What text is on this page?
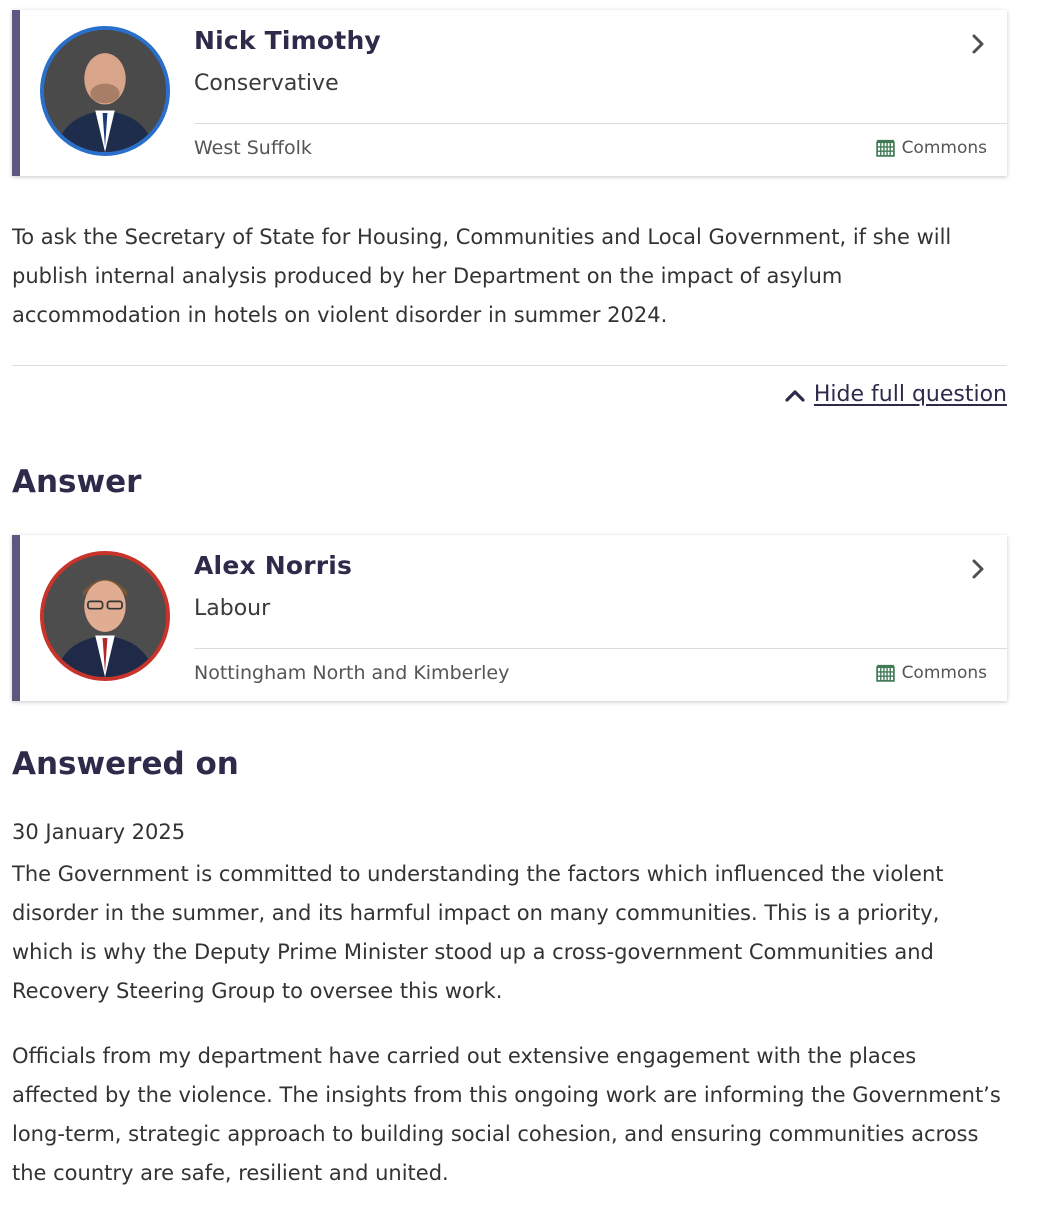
Nick Timothy
Conservative
West Suffolk	Commons
To ask the Secretary of State for Housing, Communities and Local Government, if she will publish internal analysis produced by her Department on the impact of asylum accommodation in hotels on violent disorder in summer 2024.
Hide full question
Answer
Alex Norris
Labour
Nottingham North and Kimberley	Commons
Answered on
30 January 2025

The Government is committed to understanding the factors which influenced the violent disorder in the summer, and its harmful impact on many communities. This is a priority, which is why the Deputy Prime Minister stood up a cross-government Communities and Recovery Steering Group to oversee this work.

Officials from my department have carried out extensive engagement with the places affected by the violence. The insights from this ongoing work are informing the Government’s long-term, strategic approach to building social cohesion, and ensuring communities across the country are safe, resilient and united.
